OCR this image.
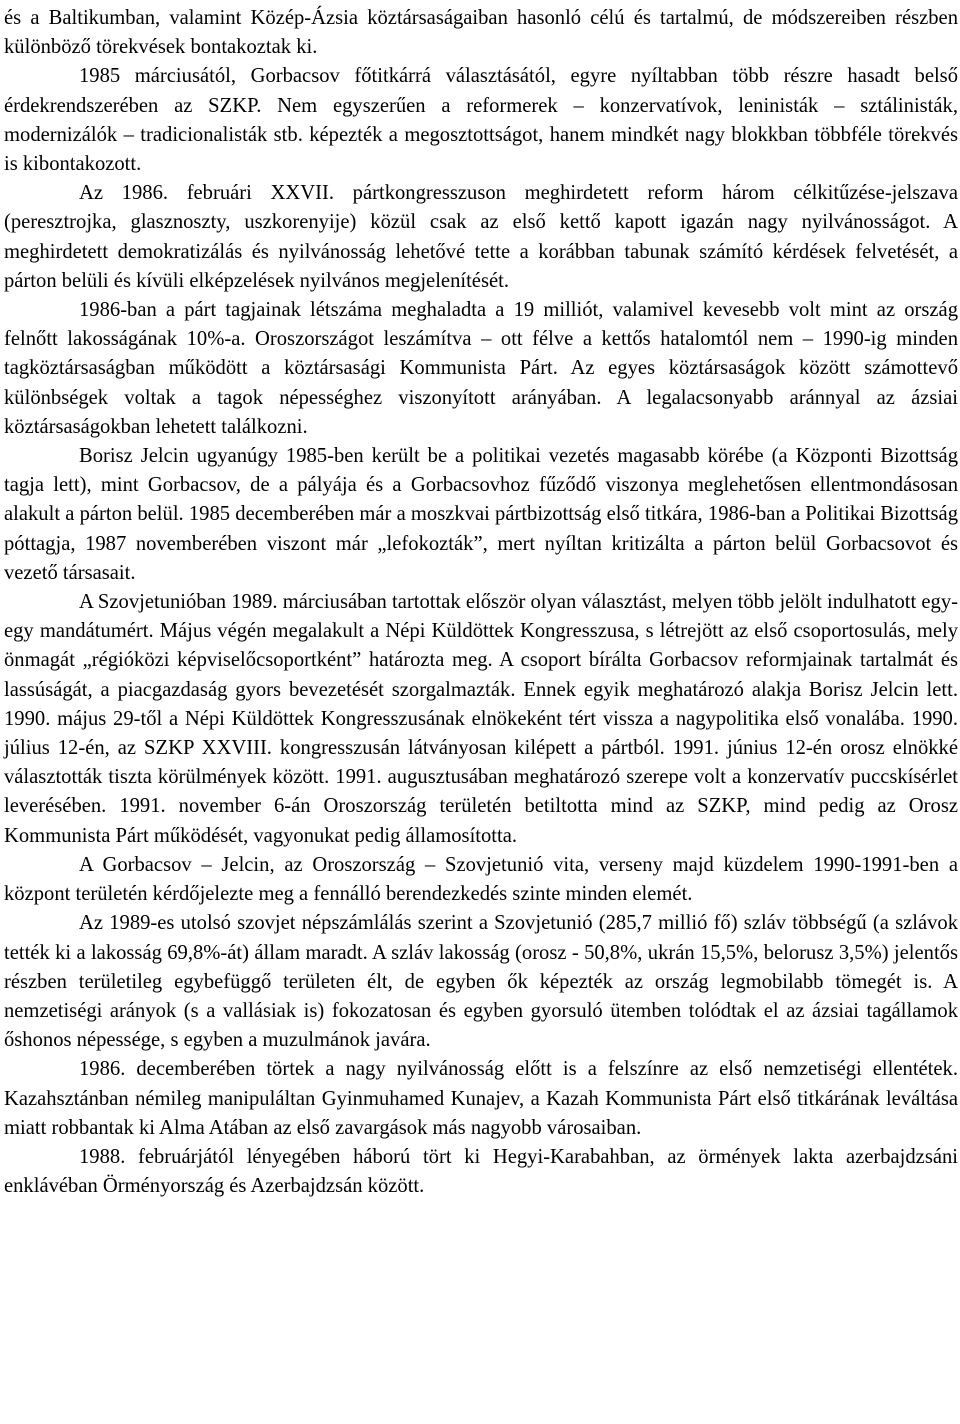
és a Baltikumban, valamint Közép-Ázsia köztársaságaiban hasonló célú és tartalmú, de módszereiben részben különböző törekvések bontakoztak ki.

1985 márciusától, Gorbacsov főtitkárrá választásától, egyre nyíltabban több részre hasadt belső érdekrendszerében az SZKP. Nem egyszerűen a reformerek – konzervatívok, leninisták – sztálinisták, modernizálók – tradicionalisták stb. képezték a megosztottságot, hanem mindkét nagy blokkban többféle törekvés is kibontakozott.

Az 1986. februári XXVII. pártkongresszuson meghirdetett reform három célkitűzése-jelszava (peresztrojka, glasznoszty, uszkorenyije) közül csak az első kettő kapott igazán nagy nyilvánosságot. A meghirdetett demokratizálás és nyilvánosság lehetővé tette a korábban tabunak számító kérdések felvetését, a párton belüli és kívüli elképzelések nyilvános megjelenítését.

1986-ban a párt tagjainak létszáma meghaladta a 19 milliót, valamivel kevesebb volt mint az ország felnőtt lakosságának 10%-a. Oroszországot leszámítva – ott félve a kettős hatalomtól nem – 1990-ig minden tagköztársaságban működött a köztársasági Kommunista Párt. Az egyes köztársaságok között számottevő különbségek voltak a tagok népességhez viszonyított arányában. A legalacsonyabb aránnyal az ázsiai köztársaságokban lehetett találkozni.

Borisz Jelcin ugyanúgy 1985-ben került be a politikai vezetés magasabb körébe (a Központi Bizottság tagja lett), mint Gorbacsov, de a pályája és a Gorbacsovhoz fűződő viszonya meglehetősen ellentmondásosan alakult a párton belül. 1985 decemberében már a moszkvai pártbizottság első titkára, 1986-ban a Politikai Bizottság póttagja, 1987 novemberében viszont már „lefokozták”, mert nyíltan kritizálta a párton belül Gorbacsovot és vezető társasait.

A Szovjetunióban 1989. márciusában tartottak először olyan választást, melyen több jelölt indulhatott egy-egy mandátumért. Május végén megalakult a Népi Küldöttek Kongresszusa, s létrejött az első csoportosulás, mely önmagát „régióközi képviselőcsoportként” határozta meg. A csoport bírálta Gorbacsov reformjainak tartalmát és lassúságát, a piacgazdaság gyors bevezetését szorgalmazták. Ennek egyik meghatározó alakja Borisz Jelcin lett. 1990. május 29-től a Népi Küldöttek Kongresszusának elnökeként tért vissza a nagypolitika első vonalába. 1990. július 12-én, az SZKP XXVIII. kongresszusán látványosan kilépett a pártból. 1991. június 12-én orosz elnökké választották tiszta körülmények között. 1991. augusztusában meghatározó szerepe volt a konzervatív puccskísérlet leverésében. 1991. november 6-án Oroszország területén betiltotta mind az SZKP, mind pedig az Orosz Kommunista Párt működését, vagyonukat pedig államosította.

A Gorbacsov – Jelcin, az Oroszország – Szovjetunió vita, verseny majd küzdelem 1990-1991-ben a központ területén kérdőjelezte meg a fennálló berendezkedés szinte minden elemét.

Az 1989-es utolsó szovjet népszámlálás szerint a Szovjetunió (285,7 millió fő) szláv többségű (a szlávok tették ki a lakosság 69,8%-át) állam maradt. A szláv lakosság (orosz - 50,8%, ukrán 15,5%, belorusz 3,5%) jelentős részben területileg egybefüggő területen élt, de egyben ők képezték az ország legmobilabb tömegét is. A nemzetiségi arányok (s a vallásiak is) fokozatosan és egyben gyorsuló ütemben tolódtak el az ázsiai tagállamok őshonos népessége, s egyben a muzulmánok javára.

1986. decemberében törtek a nagy nyilvánosság előtt is a felszínre az első nemzetiségi ellentétek. Kazahsztánban némileg manipuláltan Gyinmuhamed Kunajev, a Kazah Kommunista Párt első titkárának leváltása miatt robbantak ki Alma Atában az első zavargások más nagyobb városaiban.

1988. februárjától lényegében háború tört ki Hegyi-Karabahban, az örmények lakta azerbajdzsáni enklávéban Örményország és Azerbajdzsán között.
